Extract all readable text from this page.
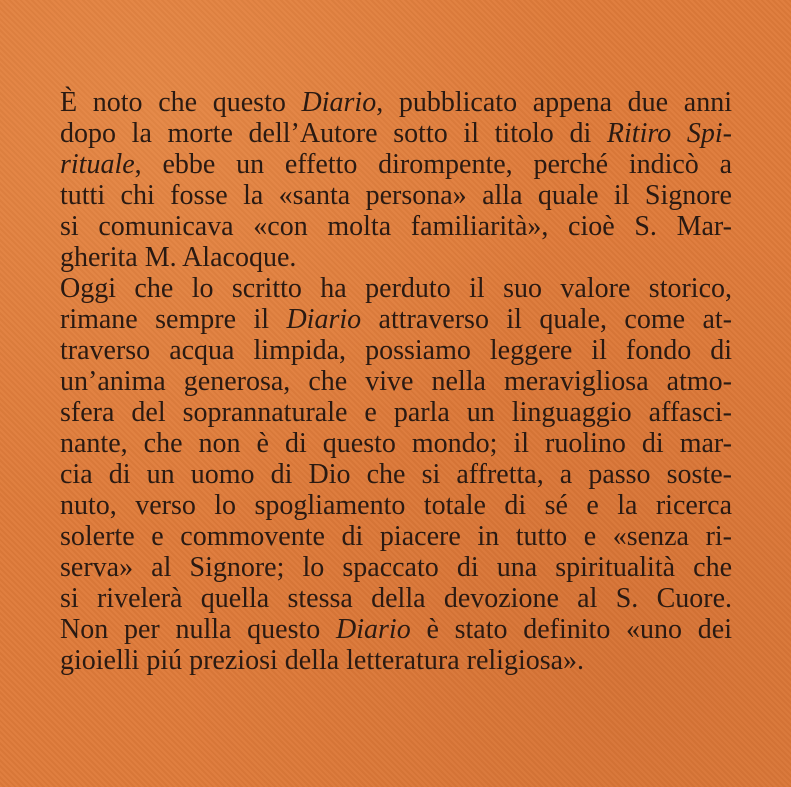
È noto che questo Diario, pubblicato appena due anni
dopo la morte dell’Autore sotto il titolo di Ritiro Spi-
rituale, ebbe un effetto dirompente, perché indicò a
tutti chi fosse la «santa persona» alla quale il Signore
si comunicava «con molta familiarità», cioè S. Mar-
gherita M. Alacoque.
Oggi che lo scritto ha perduto il suo valore storico,
rimane sempre il Diario attraverso il quale, come at-
traverso acqua limpida, possiamo leggere il fondo di
un’anima generosa, che vive nella meravigliosa atmo-
sfera del soprannaturale e parla un linguaggio affasci-
nante, che non è di questo mondo; il ruolino di mar-
cia di un uomo di Dio che si affretta, a passo soste-
nuto, verso lo spogliamento totale di sé e la ricerca
solerte e commovente di piacere in tutto e «senza ri-
serva» al Signore; lo spaccato di una spiritualità che
si rivelerà quella stessa della devozione al S. Cuore.
Non per nulla questo Diario è stato definito «uno dei
gioielli piú preziosi della letteratura religiosa».
